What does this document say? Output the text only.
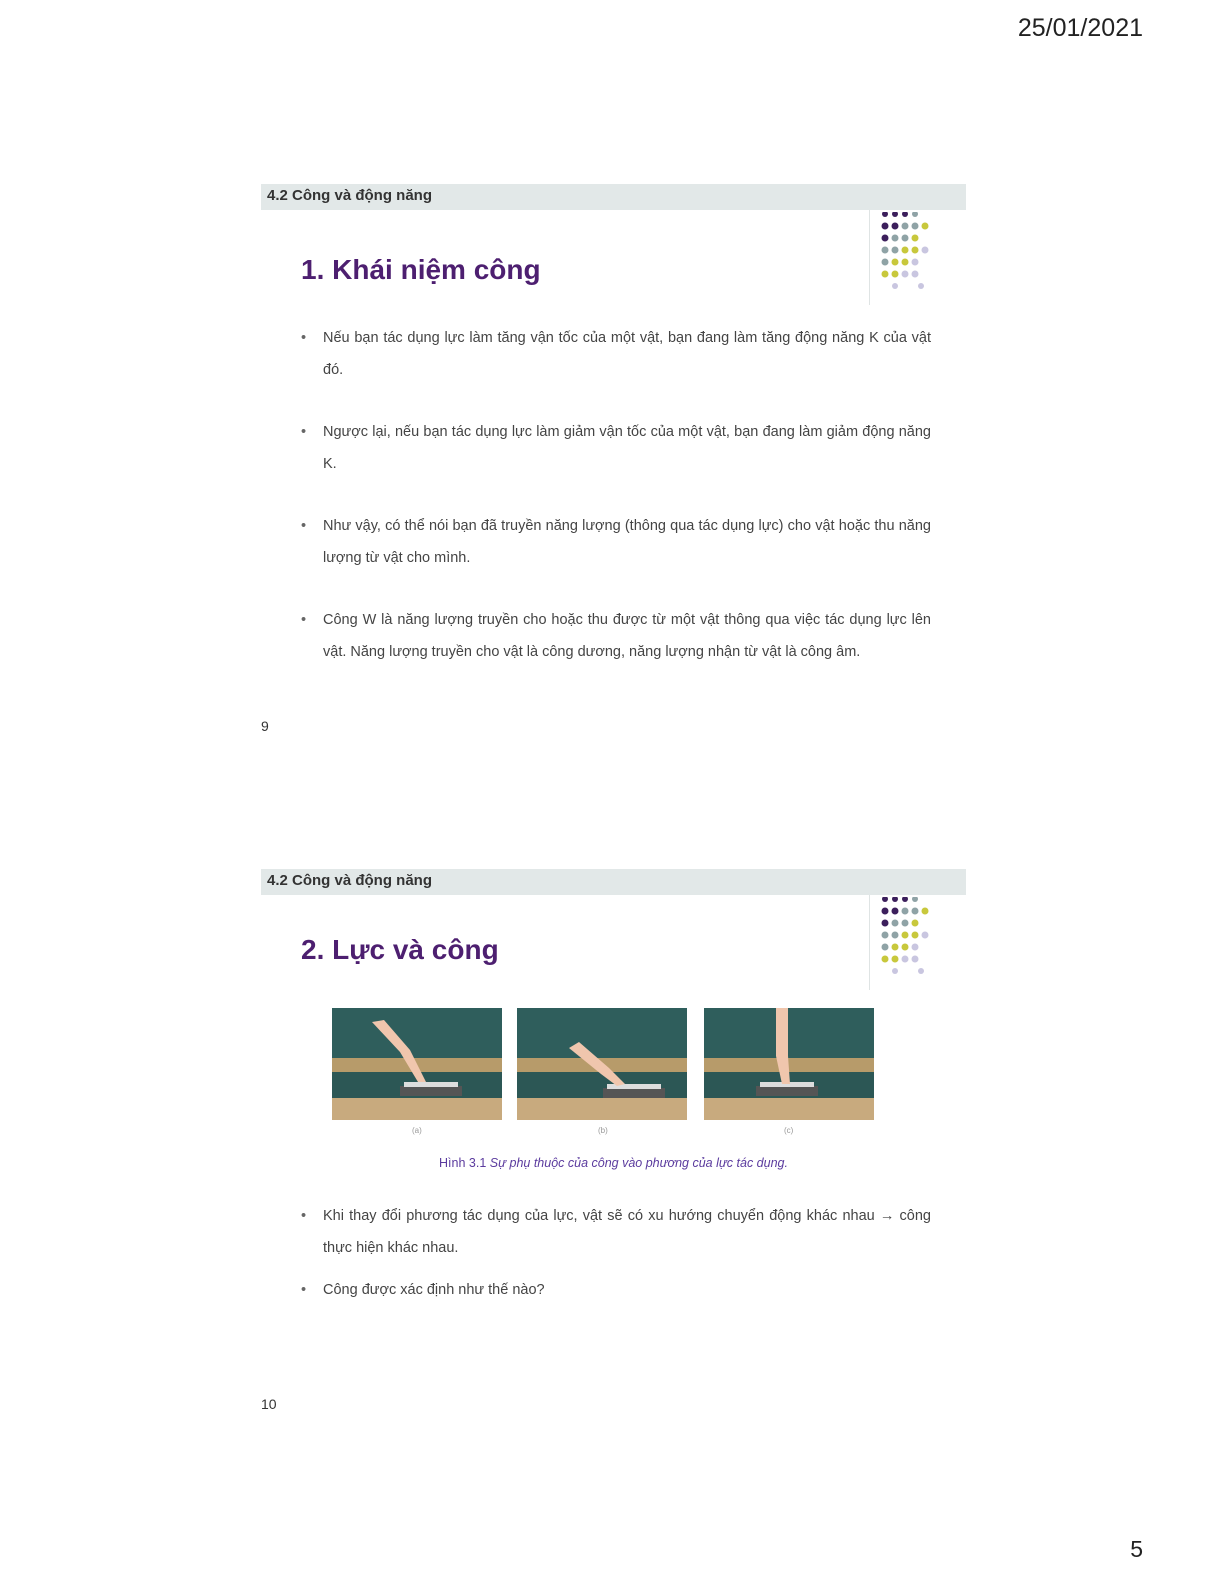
25/01/2021
4.2 Công và động năng
1. Khái niệm công
• Nếu bạn tác dụng lực làm tăng vận tốc của một vật, bạn đang làm tăng động năng K của vật đó.
• Ngược lại, nếu bạn tác dụng lực làm giảm vận tốc của một vật, bạn đang làm giảm động năng K.
• Như vậy, có thể nói bạn đã truyền năng lượng (thông qua tác dụng lực) cho vật hoặc thu năng lượng từ vật cho mình.
• Công W là năng lượng truyền cho hoặc thu được từ một vật thông qua việc tác dụng lực lên vật. Năng lượng truyền cho vật là công dương, năng lượng nhận từ vật là công âm.
9
4.2 Công và động năng
2. Lực và công
(a)	(b)	(c)
Hình 3.1 Sự phụ thuộc của công vào phương của lực tác dụng.
• Khi thay đổi phương tác dụng của lực, vật sẽ có xu hướng chuyển động khác nhau → công thực hiện khác nhau.
• Công được xác định như thế nào?
10
5
